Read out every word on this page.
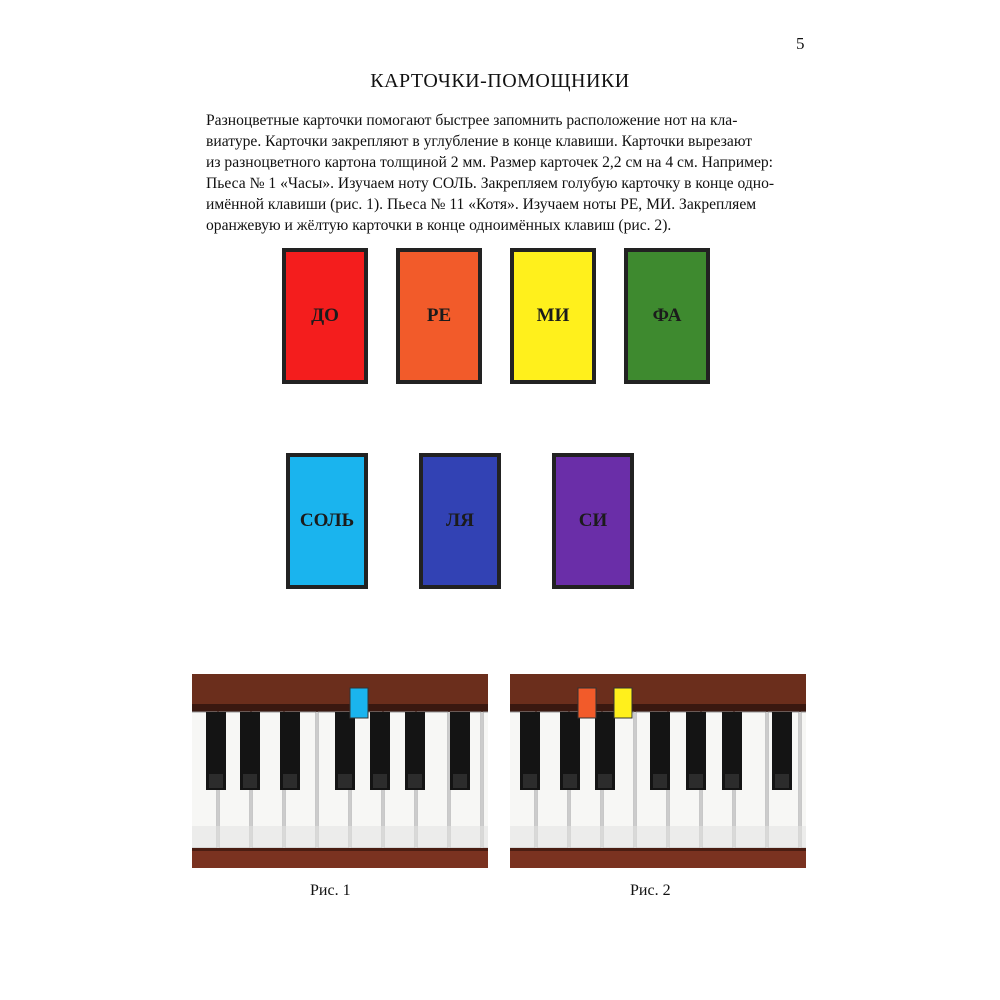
5
КАРТОЧКИ-ПОМОЩНИКИ

Разноцветные карточки помогают быстрее запомнить расположение нот на кла-

виатуре. Карточки закрепляют в углубление в конце клавиши. Карточки вырезают

из разноцветного картона толщиной 2 мм. Размер карточек 2,2 см на 4 см. Например:

Пьеса № 1 «Часы». Изучаем ноту СОЛЬ. Закрепляем голубую карточку в конце одно-

имённой клавиши (рис. 1). Пьеса № 11 «Котя». Изучаем ноты РЕ, МИ. Закрепляем

оранжевую и жёлтую карточки в конце одноимённых клавиш (рис. 2).

ДО	РЕ	МИ	ФА
СОЛЬ	ЛЯ	СИ
Рис. 1	Рис. 2
